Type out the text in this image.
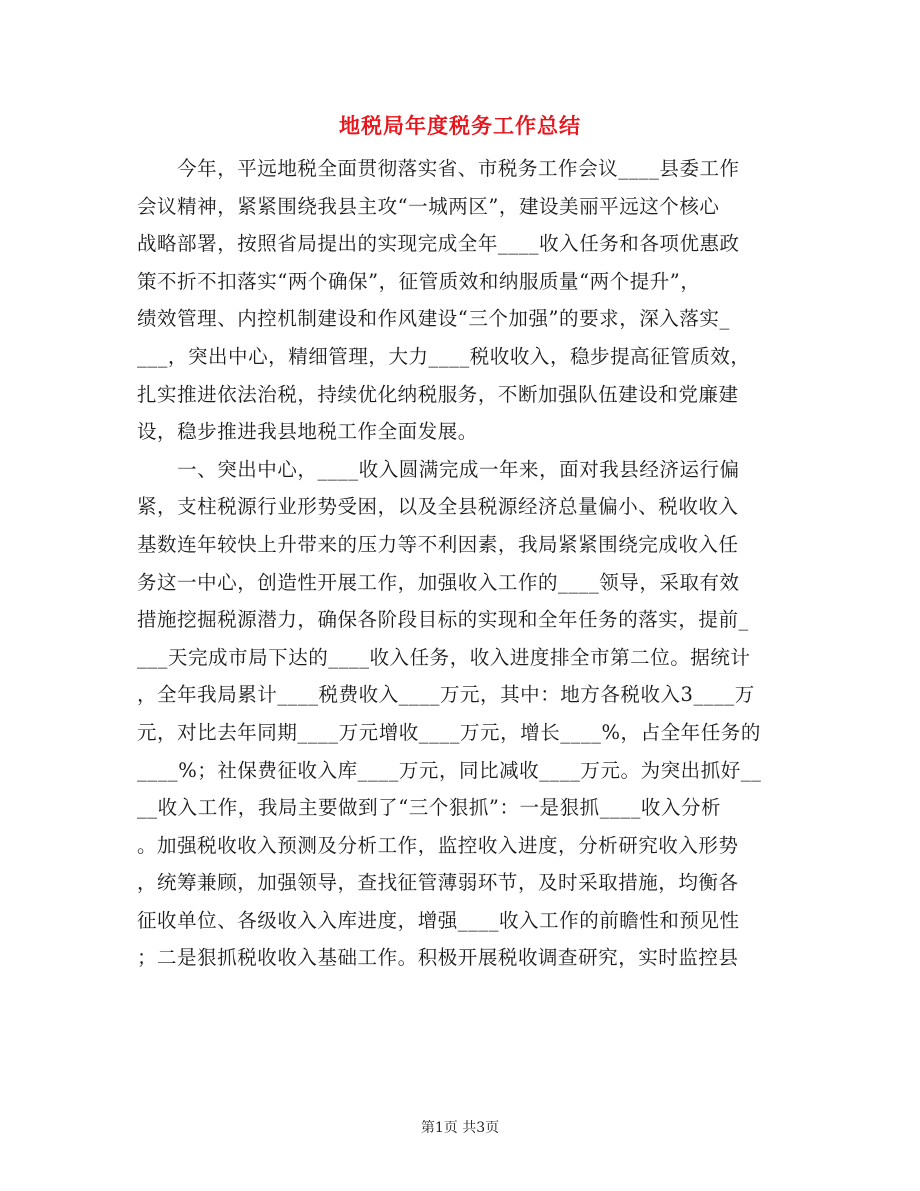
地税局年度税务工作总结
　　今年，平远地税全面贯彻落实省、市税务工作会议____县委工作
会议精神，紧紧围绕我县主攻“一城两区”，建设美丽平远这个核心
战略部署，按照省局提出的实现完成全年____收入任务和各项优惠政
策不折不扣落实“两个确保”，征管质效和纳服质量“两个提升”，
绩效管理、内控机制建设和作风建设“三个加强”的要求，深入落实_
___，突出中心，精细管理，大力____税收收入，稳步提高征管质效，
扎实推进依法治税，持续优化纳税服务，不断加强队伍建设和党廉建
设，稳步推进我县地税工作全面发展。
　　一、突出中心，____收入圆满完成一年来，面对我县经济运行偏
紧，支柱税源行业形势受困，以及全县税源经济总量偏小、税收收入
基数连年较快上升带来的压力等不利因素，我局紧紧围绕完成收入任
务这一中心，创造性开展工作，加强收入工作的____领导，采取有效
措施挖掘税源潜力，确保各阶段目标的实现和全年任务的落实，提前_
___天完成市局下达的____收入任务，收入进度排全市第二位。据统计
，全年我局累计____税费收入____万元，其中：地方各税收入3____万
元，对比去年同期____万元增收____万元，增长____%，占全年任务的
____%；社保费征收入库____万元，同比减收____万元。为突出抓好__
__收入工作，我局主要做到了“三个狠抓”：一是狠抓____收入分析
。加强税收收入预测及分析工作，监控收入进度，分析研究收入形势
，统筹兼顾，加强领导，查找征管薄弱环节，及时采取措施，均衡各
征收单位、各级收入入库进度，增强____收入工作的前瞻性和预见性
；二是狠抓税收收入基础工作。积极开展税收调查研究，实时监控县
第1页 共3页
